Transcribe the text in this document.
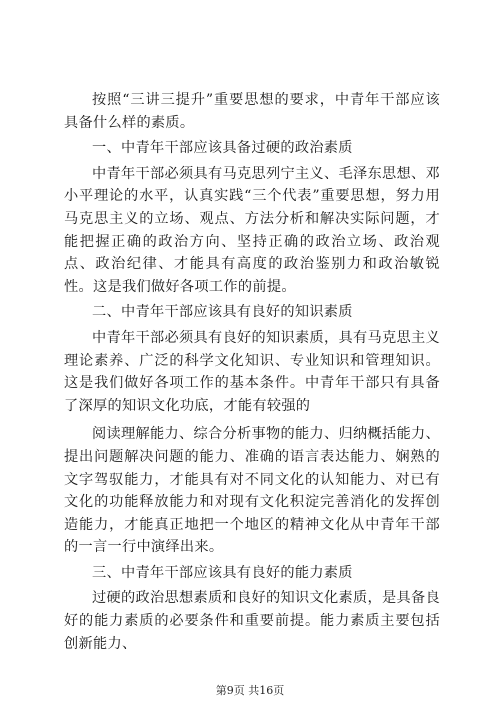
按照“三讲三提升”重要思想的要求，中青年干部应该具备什么样的素质。

一、中青年干部应该具备过硬的政治素质

中青年干部必须具有马克思列宁主义、毛泽东思想、邓小平理论的水平，认真实践“三个代表”重要思想，努力用马克思主义的立场、观点、方法分析和解决实际问题，才能把握正确的政治方向、坚持正确的政治立场、政治观点、政治纪律、才能具有高度的政治鉴别力和政治敏锐性。这是我们做好各项工作的前提。

二、中青年干部应该具有良好的知识素质

中青年干部必须具有良好的知识素质，具有马克思主义理论素养、广泛的科学文化知识、专业知识和管理知识。这是我们做好各项工作的基本条件。中青年干部只有具备了深厚的知识文化功底，才能有较强的

阅读理解能力、综合分析事物的能力、归纳概括能力、提出问题解决问题的能力、准确的语言表达能力、娴熟的文字驾驭能力，才能具有对不同文化的认知能力、对已有文化的功能释放能力和对现有文化积淀完善消化的发挥创造能力，才能真正地把一个地区的精神文化从中青年干部的一言一行中演绎出来。

三、中青年干部应该具有良好的能力素质

过硬的政治思想素质和良好的知识文化素质，是具备良好的能力素质的必要条件和重要前提。能力素质主要包括创新能力、

第9页 共16页
